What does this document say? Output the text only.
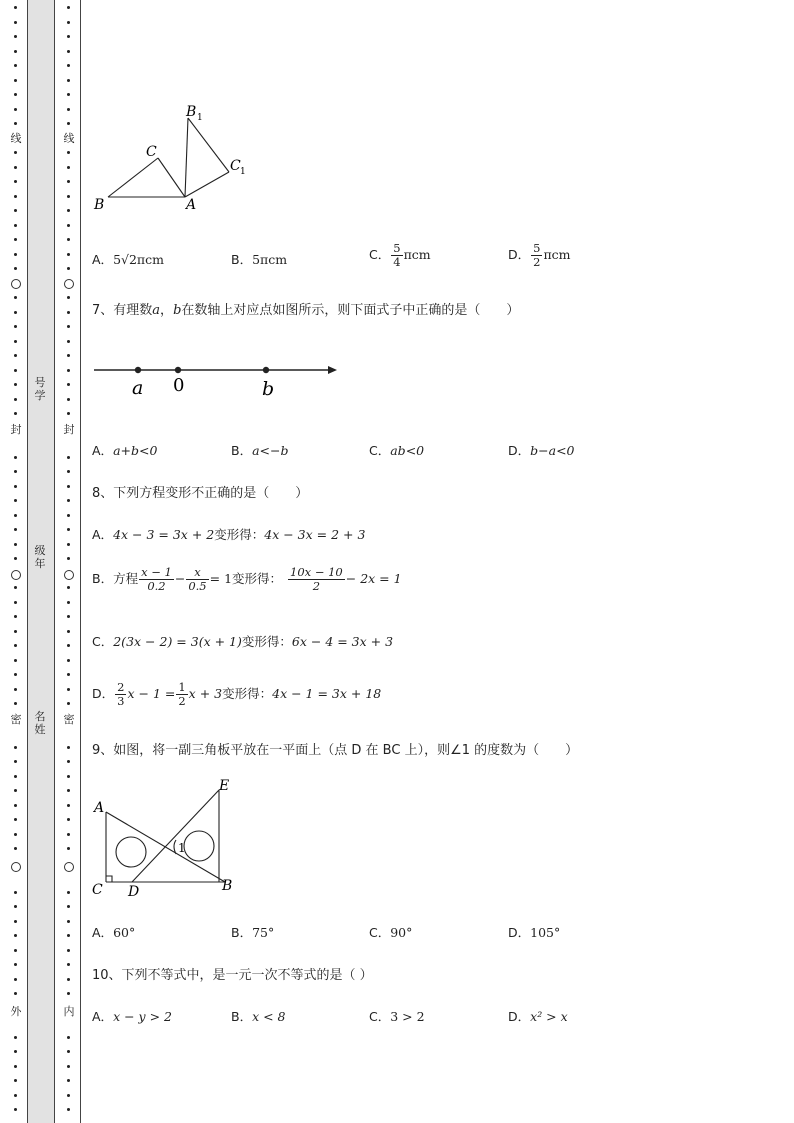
线
封
密
外
线
封
密
内
号学
级年
名姓
B 1
C
C 1
B	A
A．5√2πcm	B．5πcm	C． $\frac{5}{4}$ πcm	D． $\frac{5}{2}$ πcm
7、有理数a，b在数轴上对应点如图所示，则下面式子中正确的是（　　）
a 0	b
A．a+b<0	B．a<−b	C．ab<0	D．b−a<0
8、下列方程变形不正确的是（　　）
A．4x − 3 = 3x + 2变形得：4x − 3x = 2 + 3
B．方程 $\frac{x - 1}{0.2} - \frac{x}{0.5} = 1$变形得： $\frac{10x - 10}{2} - 2x = 1$
C．2(3x − 2) = 3(x + 1)变形得：6x − 4 = 3x + 3
D． $\frac{2}{3}$ $x - 1 = \frac{1}{2}$ x + 3变形得：4x − 1 = 3x + 18
9、如图，将一副三角板平放在一平面上（点 D 在 BC 上），则∠1 的度数为（　　）
A
E
C D	B
1
A．60°	B．75°	C．90°	D．105°
10、下列不等式中，是一元一次不等式的是（ ）
A．x − y > 2	B．x < 8	C．3 > 2	D．x² > x
